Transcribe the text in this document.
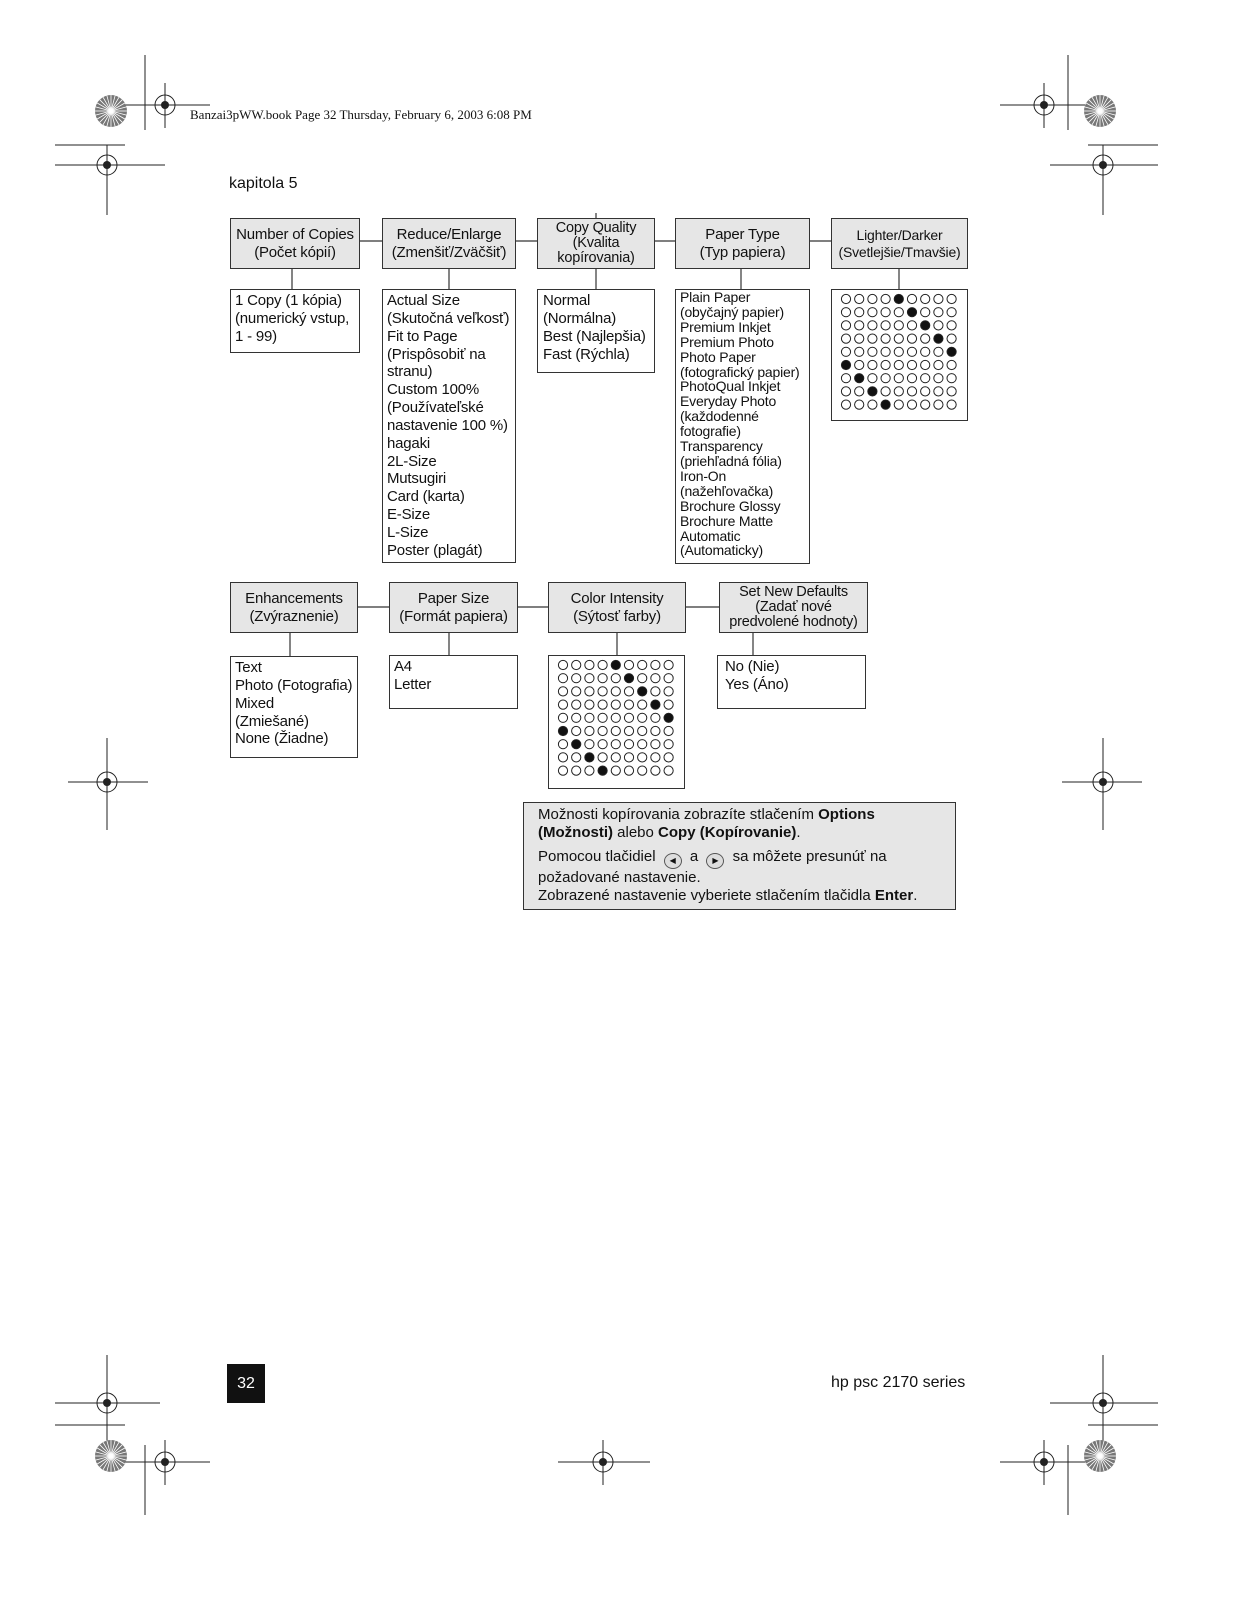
Banzai3pWW.book Page 32 Thursday, February 6, 2003 6:08 PM
kapitola 5
Number of Copies
(Počet kópií)
Reduce/Enlarge
(Zmenšiť/Zväčšiť)
Copy Quality
(Kvalita
kopírovania)
Paper Type
(Typ papiera)
Lighter/Darker
(Svetlejšie/Tmavšie)
1 Copy (1 kópia)
(numerický vstup,
1 - 99)
Actual Size
(Skutočná veľkosť)
Fit to Page
(Prispôsobiť na
stranu)
Custom 100%
(Používateľské
nastavenie 100 %)
hagaki
2L-Size
Mutsugiri
Card (karta)
E-Size
L-Size
Poster (plagát)
Normal
(Normálna)
Best (Najlepšia)
Fast (Rýchla)
Plain Paper
(obyčajný papier)
Premium Inkjet
Premium Photo
Photo Paper
(fotografický papier)
PhotoQual Inkjet
Everyday Photo
(každodenné
fotografie)
Transparency
(priehľadná fólia)
Iron-On
(nažehľovačka)
Brochure Glossy
Brochure Matte
Automatic
(Automaticky)
Enhancements
(Zvýraznenie)
Paper Size
(Formát papiera)
Color Intensity
(Sýtosť farby)
Set New Defaults
(Zadať nové
predvolené hodnoty)
Text
Photo (Fotografia)
Mixed
(Zmiešané)
None (Žiadne)
A4
Letter
No (Nie)
Yes (Áno)

Možnosti kopírovania zobrazíte stlačením Options (Možnosti) alebo Copy (Kopírovanie).

Pomocou tlačidiel ◀ a ▶ sa môžete presunúť na požadované nastavenie.

Zobrazené nastavenie vyberiete stlačením tlačidla Enter.

32	hp psc 2170 series
